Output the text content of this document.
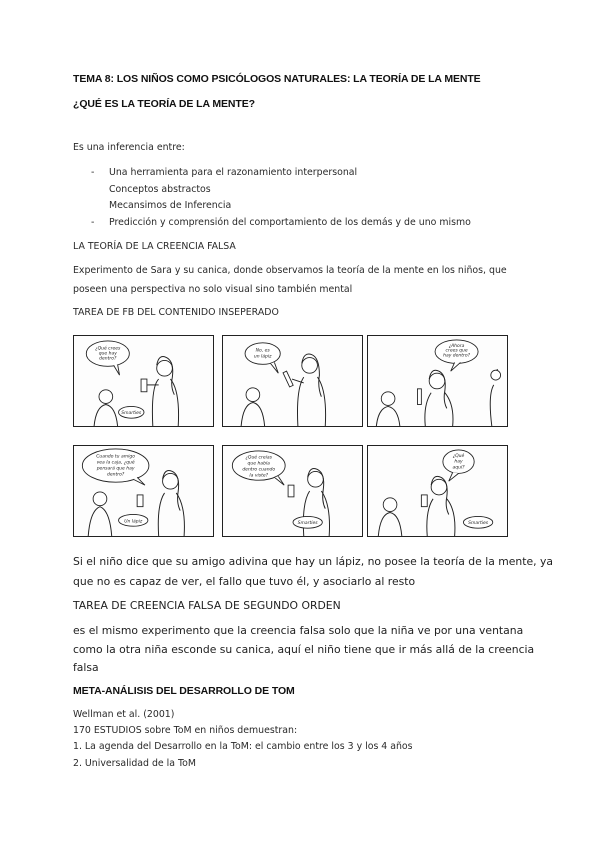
TEMA 8: LOS NIÑOS COMO PSICÓLOGOS NATURALES: LA TEORÍA DE LA MENTE

¿QUÉ ES LA TEORÍA DE LA MENTE?

Es una inferencia entre:

- Una herramienta para el razonamiento interpersonal

Conceptos abstractos

Mecansimos de Inferencia

- Predicción y comprensión del comportamiento de los demás y de uno mismo

LA TEORÍA DE LA CREENCIA FALSA

Experimento de Sara y su canica, donde observamos la teoría de la mente en los niños, que

poseen una perspectiva no solo visual sino también mental

TAREA DE FB DEL CONTENIDO INSEPERADO

¿Qué crees
que hay
dentro?
Smarties
No, es
un lápiz
¿Ahora
crees que
hay dentro?
Cuando tu amigo
vea la caja, ¿qué
pensará que hay
dentro?
Un lápiz
¿Qué creías
que había
dentro cuando
la viste?
Smarties
¿Qué
hay
aquí?
Smarties

Si el niño dice que su amigo adivina que hay un lápiz, no posee la teoría de la mente, ya

que no es capaz de ver, el fallo que tuvo él, y asociarlo al resto

TAREA DE CREENCIA FALSA DE SEGUNDO ORDEN

es el mismo experimento que la creencia falsa solo que la niña ve por una ventana

como la otra niña esconde su canica, aquí el niño tiene que ir más allá de la creencia

falsa

META-ANÁLISIS DEL DESARROLLO DE TOM

Wellman et al. (2001)

170 ESTUDIOS sobre ToM en niños demuestran:

1. La agenda del Desarrollo en la ToM: el cambio entre los 3 y los 4 años

2. Universalidad de la ToM
